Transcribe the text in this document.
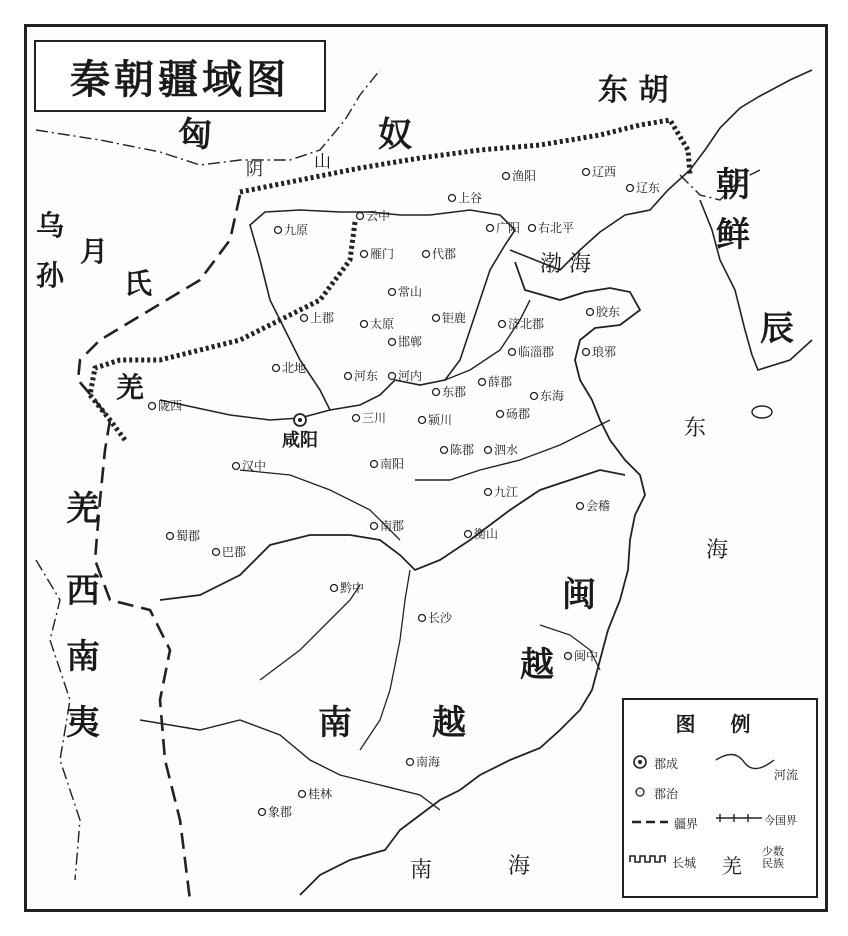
秦朝疆域图	东 胡
匈	奴
乌
孙
月
氏
朝
鲜
辰
羌
羌
西
南
夷
闽
越
南 越
阴	山
渤 海
东
海
南	海
咸阳
云中
九原
雁门	代郡
上谷
渔阳
广阳 右北平
辽西
辽东
常山
上郡	太原	钜鹿
邯郸
济北郡
胶东
临淄郡	琅邪
北地
河东 河内
东郡
薛郡
东海
陇西
三川	颍川	砀郡
汉中	南阳
陈郡 泗水
九江
会稽
蜀郡
巴郡
南郡
衡山
黔中
长沙
闽中
南海
桂林
象郡
图 例
郡成
郡治
河流
疆界	今国界
长城 羌
少数民族
